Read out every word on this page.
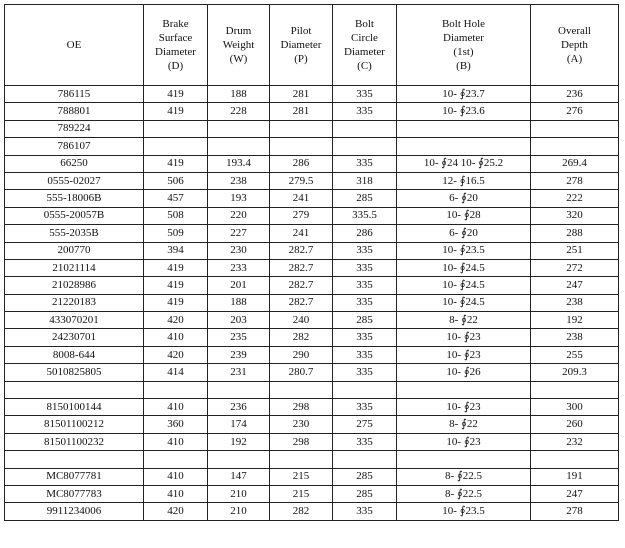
OE	Brake
Surface
Diameter
(D)	Drum
Weight
(W)	Pilot
Diameter
(P)	Bolt
Circle
Diameter
(C)	Bolt Hole
Diameter
(1st)
(B)	Overall
Depth
(A)

786115	419	188	281	335	10- ∮23.7	236
788801	419	228	281	335	10- ∮23.6	276
789224						
786107						
66250	419	193.4	286	335	10- ∮24 10- ∮25.2	269.4
0555-02027	506	238	279.5	318	12- ∮16.5	278
555-18006B	457	193	241	285	6- ∮20	222
0555-20057B	508	220	279	335.5	10- ∮28	320
555-2035B	509	227	241	286	6- ∮20	288
200770	394	230	282.7	335	10- ∮23.5	251
21021114	419	233	282.7	335	10- ∮24.5	272
21028986	419	201	282.7	335	10- ∮24.5	247
21220183	419	188	282.7	335	10- ∮24.5	238
433070201	420	203	240	285	8- ∮22	192
24230701	410	235	282	335	10- ∮23	238
8008-644	420	239	290	335	10- ∮23	255
5010825805	414	231	280.7	335	10- ∮26	209.3

8150100144	410	236	298	335	10- ∮23	300
81501100212	360	174	230	275	8- ∮22	260
81501100232	410	192	298	335	10- ∮23	232

MC8077781	410	147	215	285	8- ∮22.5	191
MC8077783	410	210	215	285	8- ∮22.5	247
9911234006	420	210	282	335	10- ∮23.5	278
